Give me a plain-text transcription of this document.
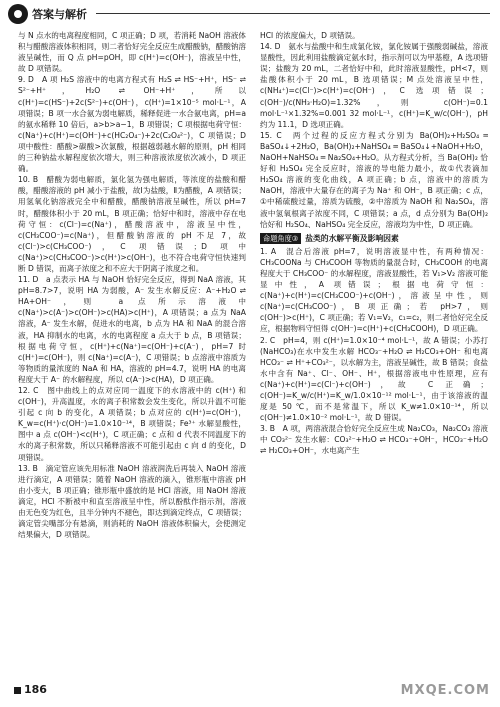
答案与解析

与 N 点水的电离程度相同，C 项正确；D 项，若消耗 NaOH 溶液体积与醋酸溶液体积相同，则二者恰好完全反应生成醋酸钠，醋酸钠溶液呈碱性，而 Q 点 pH=pOH，即 c(H⁺)=c(OH⁻)，溶液呈中性，故 D 项错误。

9. D　A 项 H₂S 溶液中的电离方程式有 H₂S ⇌ HS⁻+H⁺，HS⁻ ⇌ S²⁻+H⁺，H₂O ⇌ OH⁻+H⁺，所以 c(H⁺)=c(HS⁻)+2c(S²⁻)+c(OH⁻)，c(H⁺)=1×10⁻⁵ mol·L⁻¹，A 项错误；B 项一水合氨为弱电解质，稀释促进一水合氨电离，pH=a 的氨水稀释 10 倍后，a>b>a−1，B 项错误；C 项根据电荷守恒：c(Na⁺)+c(H⁺)=c(OH⁻)+c(HC₂O₄⁻)+2c(C₂O₄²⁻)，C 项错误；D 项中酸性：醋酸>碳酸>次氯酸，根据越弱越水解的原则，pH 相同的三种钠盐水解程度依次增大，则三种溶液浓度依次减小，D 项正确。

10. B　醋酸为弱电解质，氯化氢为强电解质，等浓度的盐酸和醋酸，醋酸溶液的 pH 减小于盐酸，故Ⅰ为盐酸，Ⅱ为醋酸，A 项错误；用氢氧化钠溶液完全中和醋酸，醋酸钠溶液呈碱性，所以 pH=7 时，醋酸体积小于 20 mL，B 项正确；恰好中和时，溶液中存在电荷守恒：c(Cl⁻)=c(Na⁺)，醋酸溶液中，溶液呈中性，c(CH₃COO⁻)=c(Na⁺)，但醋酸钠溶液的 pH 不足 7，故 c(Cl⁻)>c(CH₃COO⁻)，C 项错误；D 项中 c(Na⁺)>c(CH₃COO⁻)>c(H⁺)>c(OH⁻)，也不符合电荷守恒快速判断 D 错误，而离子浓度之和不应大于阴离子浓度之和。

11. D　a 点表示 HA 与 NaOH 恰好完全反应，得到 NaA 溶液，其 pH=8.7>7，说明 HA 为弱酸，A⁻ 发生水解反应：A⁻+H₂O ⇌ HA+OH⁻，则 a 点所示溶液中 c(Na⁺)>c(A⁻)>c(OH⁻)>c(HA)>c(H⁺)，A 项错误；a 点为 NaA 溶液，A⁻ 发生水解，促进水的电离，b 点为 HA 和 NaA 的混合溶液，HA 抑制水的电离，水的电离程度 a 点大于 b 点，B 项错误；根据电荷守恒，c(H⁺)+c(Na⁺)=c(OH⁻)+c(A⁻)，pH=7 时 c(H⁺)=c(OH⁻)，则 c(Na⁺)=c(A⁻)，C 项错误；b 点溶液中溶质为等物质的量浓度的 NaA 和 HA，溶液的 pH=4.7，说明 HA 的电离程度大于 A⁻ 的水解程度，所以 c(A⁻)>c(HA)，D 项正确。

12. C　图中曲线上的点对应同一温度下的水溶液中的 c(H⁺) 和 c(OH⁻)，升高温度，水的离子积常数会发生变化，所以升温不可能引起 c 向 b 的变化，A 项错误；b 点对应的 c(H⁺)=c(OH⁻)，K_w=c(H⁺)·c(OH⁻)=1.0×10⁻¹⁴，B 项错误；Fe³⁺ 水解显酸性，图中 a 点 c(OH⁻)<c(H⁺)，C 项正确；c 点和 d 代表不同温度下的水的离子积常数，所以只稀释溶液不可能引起由 c 向 d 的变化，D 项错误。

13. B　滴定管应该先用标准 NaOH 溶液润洗后再装入 NaOH 溶液进行滴定，A 项错误；随着 NaOH 溶液的滴入，锥形瓶中溶液 pH 由小变大，B 项正确；锥形瓶中盛放的是 HCl 溶液，用 NaOH 溶液滴定，HCl 不断被中和直至溶液呈中性，所以酚酞作指示剂，溶液由无色变为红色，且半分钟内不褪色，即达到滴定终点，C 项错误；滴定管尖嘴部分有悬滴，则消耗的 NaOH 溶液体积偏大，会使测定结果偏大，D 项错误。

HCl 的浓度偏大，D 项错误。

14. D　氨水与盐酸中和生成氯化铵，氯化铵属于强酸弱碱盐，溶液显酸性，因此利用盐酸滴定氨水时，指示剂可以为甲基橙，A 选项错误；盐酸为 20 mL，二者恰好中和，此时溶液显酸性，pH<7，则盐酸体积小于 20 mL，B 选项错误；M 点处溶液呈中性，c(NH₄⁺)=c(Cl⁻)>c(H⁺)=c(OH⁻)，C 选项错误；c(OH⁻)/c(NH₃·H₂O)=1.32%，则 c(OH⁻)=0.1 mol·L⁻¹×1.32%=0.001 32 mol·L⁻¹，c(H⁺)=K_w/c(OH⁻)，pH 约为 11.1，D 选项正确。

15. C　两个过程的反应方程式分别为 Ba(OH)₂+H₂SO₄ ═ BaSO₄↓+2H₂O，Ba(OH)₂+NaHSO₄ ═ BaSO₄↓+NaOH+H₂O，NaOH+NaHSO₄ ═ Na₂SO₄+H₂O。从方程式分析，当 Ba(OH)₂ 恰好和 H₂SO₄ 完全反应时，溶液的导电能力最小，故①代表滴加 H₂SO₄ 溶液的变化曲线，A 项正确；b 点，溶液中的溶质为 NaOH，溶液中大量存在的离子为 Na⁺ 和 OH⁻，B 项正确；c 点，①中稀硫酸过量，溶质为硫酸，②中溶质为 NaOH 和 Na₂SO₄，溶液中氢氧根离子浓度不同，C 项错误；a 点，d 点分别为 Ba(OH)₂ 恰好和 H₂SO₄、NaHSO₄ 完全反应，溶液均为中性，D 项正确。

命题角度③ 盐类的水解平衡及影响因素

1. A　混合后溶液 pH=7，说明溶液显中性，有两种情况：CH₃COONa 与 CH₃COOH 等物质的量混合时，CH₃COOH 的电离程度大于 CH₃COO⁻ 的水解程度，溶液显酸性，若 V₁>V₂ 溶液可能显中性，A 项错误；根据电荷守恒：c(Na⁺)+c(H⁺)=c(CH₃COO⁻)+c(OH⁻)，溶液呈中性，则 c(Na⁺)=c(CH₃COO⁻)，B 项正确；若 pH>7，则 c(OH⁻)>c(H⁺)，C 项正确；若 V₁=V₂，c₁=c₂，则二者恰好完全反应，根据物料守恒得 c(OH⁻)=c(H⁺)+c(CH₃COOH)，D 项正确。

2. C　pH=4，则 c(H⁺)=1.0×10⁻⁴ mol·L⁻¹，故 A 错误；小苏打(NaHCO₃)在水中发生水解 HCO₃⁻+H₂O ⇌ H₂CO₃+OH⁻ 和电离 HCO₃⁻ ⇌ H⁺+CO₃²⁻，以水解为主，溶液呈碱性，故 B 错误；食盐水中含有 Na⁺、Cl⁻、OH⁻、H⁺，根据溶液电中性原理，应有 c(Na⁺)+c(H⁺)=c(Cl⁻)+c(OH⁻)，故 C 正确；c(OH⁻)=K_w/c(H⁺)=K_w/1.0×10⁻¹² mol·L⁻¹，由于该溶液的温度是 50 ℃，而不是常温下，所以 K_w≠1.0×10⁻¹⁴，所以 c(OH⁻)≠1.0×10⁻² mol·L⁻¹，故 D 错误。

3. B　A 项，两溶液混合恰好完全反应生成 Na₂CO₃，Na₂CO₃ 溶液中 CO₃²⁻ 发生水解：CO₃²⁻+H₂O ⇌ HCO₃⁻+OH⁻，HCO₃⁻+H₂O ⇌ H₂CO₃+OH⁻，水电离产生

186	MXQE.COM
